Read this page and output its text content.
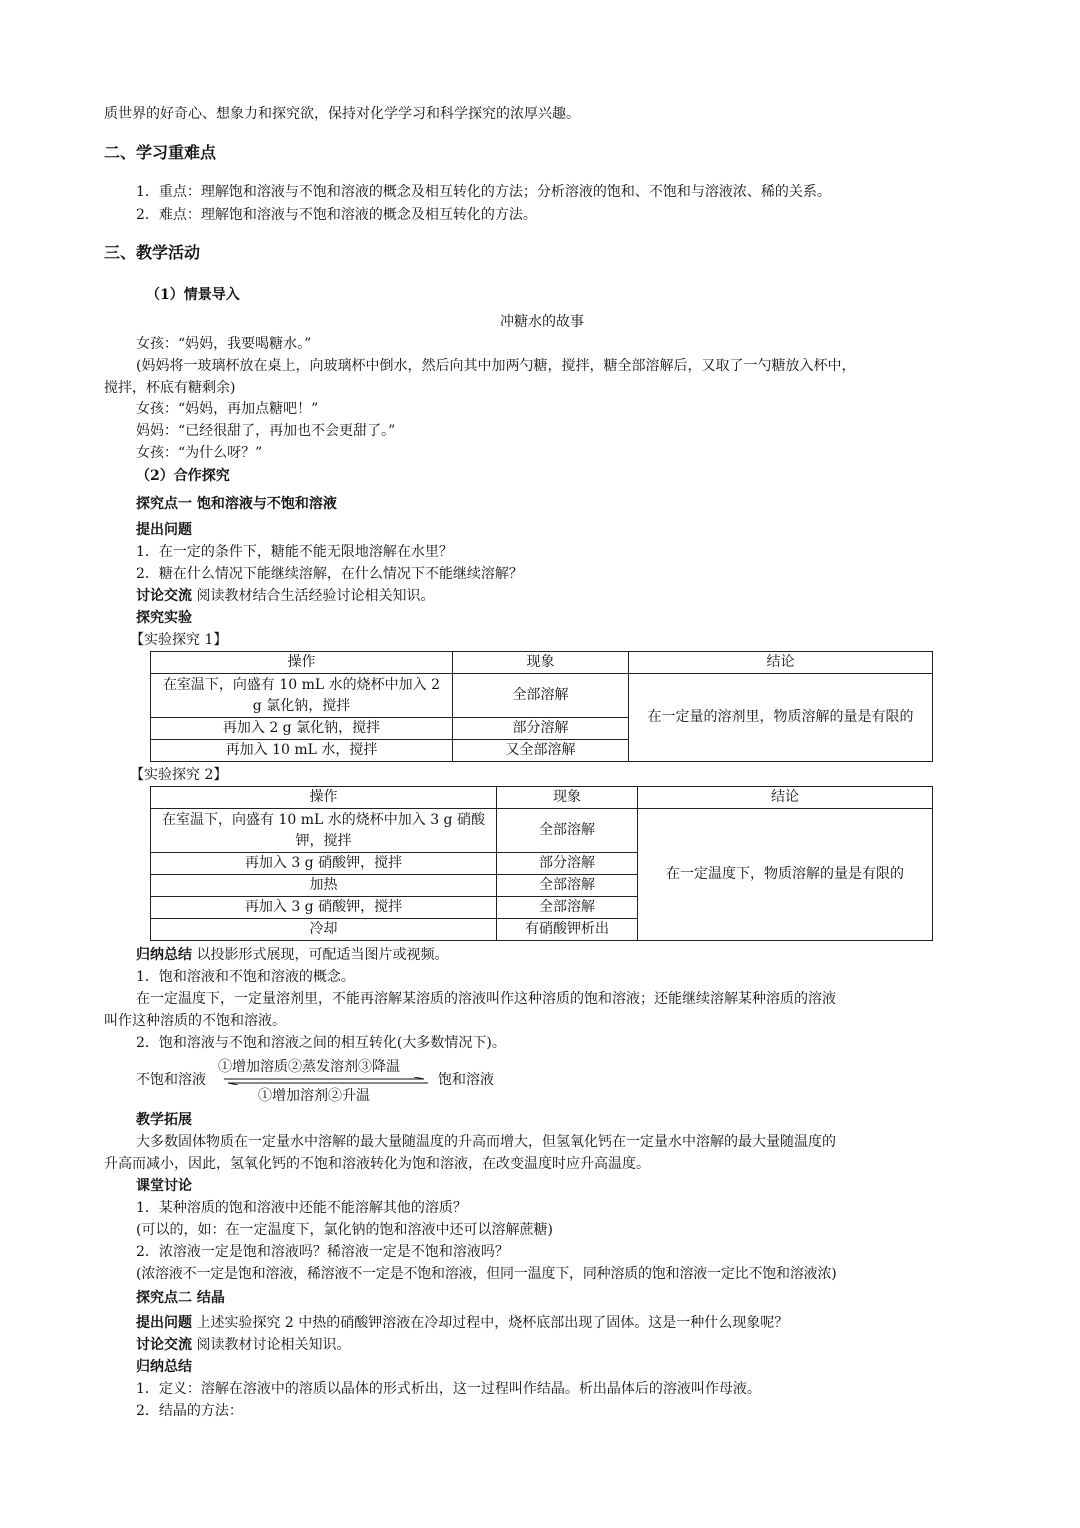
质世界的好奇心、想象力和探究欲，保持对化学学习和科学探究的浓厚兴趣。
二、学习重难点
1．重点：理解饱和溶液与不饱和溶液的概念及相互转化的方法；分析溶液的饱和、不饱和与溶液浓、稀的关系。
2．难点：理解饱和溶液与不饱和溶液的概念及相互转化的方法。
三、教学活动
（1）情景导入
冲糖水的故事
女孩：“妈妈，我要喝糖水。”
(妈妈将一玻璃杯放在桌上，向玻璃杯中倒水，然后向其中加两勺糖，搅拌，糖全部溶解后，又取了一勺糖放入杯中，
搅拌，杯底有糖剩余)
女孩：“妈妈，再加点糖吧！”
妈妈：“已经很甜了，再加也不会更甜了。”
女孩：“为什么呀？”
（2）合作探究
探究点一 饱和溶液与不饱和溶液
提出问题
1．在一定的条件下，糖能不能无限地溶解在水里？
2．糖在什么情况下能继续溶解，在什么情况下不能继续溶解？
讨论交流 阅读教材结合生活经验讨论相关知识。
探究实验
【实验探究 1】
操作	现象	结论
在室温下，向盛有 10 mL 水的烧杯中加入 2 g 氯化钠，搅拌	全部溶解	在一定量的溶剂里，物质溶解的量是有限的
再加入 2 g 氯化钠，搅拌	部分溶解	
再加入 10 mL 水，搅拌	又全部溶解	
【实验探究 2】
操作	现象	结论
在室温下，向盛有 10 mL 水的烧杯中加入 3 g 硝酸钾，搅拌	全部溶解	在一定温度下，物质溶解的量是有限的
再加入 3 g 硝酸钾，搅拌	部分溶解	
加热	全部溶解	
再加入 3 g 硝酸钾，搅拌	全部溶解	
冷却	有硝酸钾析出	
归纳总结 以投影形式展现，可配适当图片或视频。
1．饱和溶液和不饱和溶液的概念。
在一定温度下，一定量溶剂里，不能再溶解某溶质的溶液叫作这种溶质的饱和溶液；还能继续溶解某种溶质的溶液
叫作这种溶质的不饱和溶液。
2．饱和溶液与不饱和溶液之间的相互转化(大多数情况下)。
不饱和溶液
①增加溶质②蒸发溶剂③降温
①增加溶剂②升温
饱和溶液
教学拓展
大多数固体物质在一定量水中溶解的最大量随温度的升高而增大，但氢氧化钙在一定量水中溶解的最大量随温度的
升高而减小，因此，氢氧化钙的不饱和溶液转化为饱和溶液，在改变温度时应升高温度。
课堂讨论
1．某种溶质的饱和溶液中还能不能溶解其他的溶质？
(可以的，如：在一定温度下，氯化钠的饱和溶液中还可以溶解蔗糖)
2．浓溶液一定是饱和溶液吗？稀溶液一定是不饱和溶液吗？
(浓溶液不一定是饱和溶液，稀溶液不一定是不饱和溶液，但同一温度下，同种溶质的饱和溶液一定比不饱和溶液浓)
探究点二 结晶
提出问题 上述实验探究 2 中热的硝酸钾溶液在冷却过程中，烧杯底部出现了固体。这是一种什么现象呢？
讨论交流 阅读教材讨论相关知识。
归纳总结
1．定义：溶解在溶液中的溶质以晶体的形式析出，这一过程叫作结晶。析出晶体后的溶液叫作母液。
2．结晶的方法：
